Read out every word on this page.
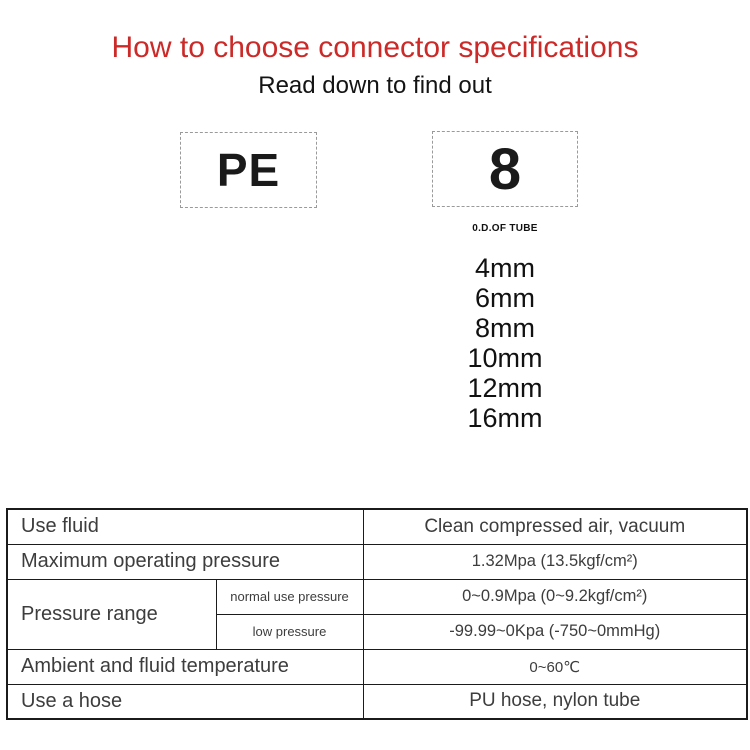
How to choose connector specifications
Read down to find out
PE	8
0.D.OF TUBE
4mm
6mm
8mm
10mm
12mm
16mm
Use fluid		Clean compressed air, vacuum
Maximum operating pressure		1.32Mpa (13.5kgf/cm²)
Pressure range	normal use pressure	0~0.9Mpa (0~9.2kgf/cm²)
	low pressure	-99.99~0Kpa (-750~0mmHg)
Ambient and fluid temperature		0~60℃
Use a hose		PU hose, nylon tube
